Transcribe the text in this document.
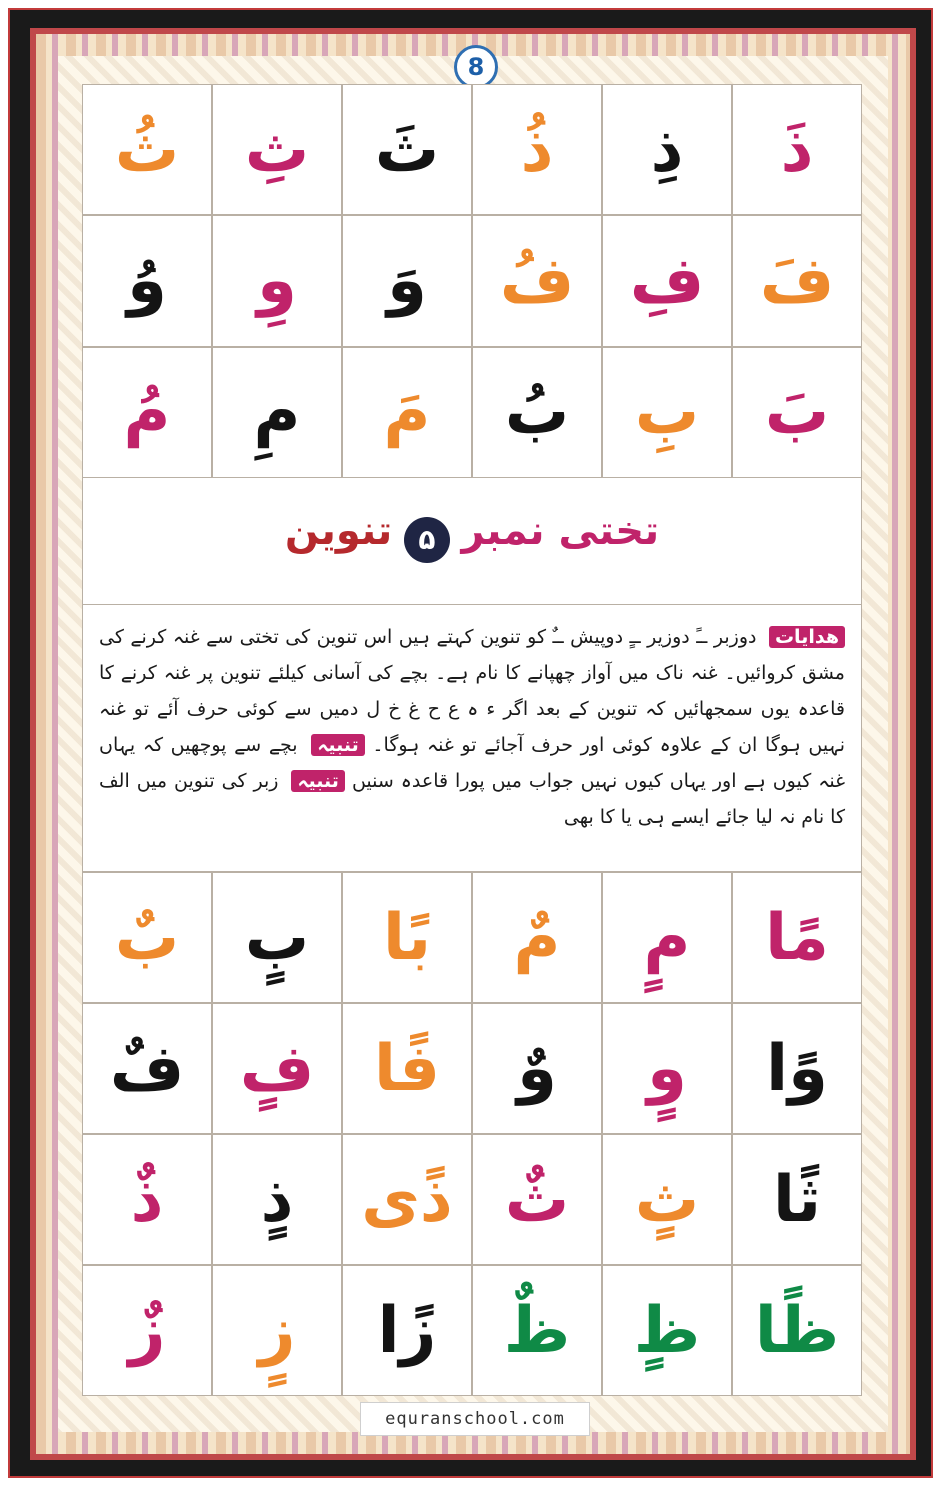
8
ذَ
ذِ
ذُ
ثَ
ثِ
ثُ
فَ
فِ
فُ
وَ
وِ
وُ
بَ
بِ
بُ
مَ
مِ
مُ
تختی نمبر ۵ تنوین

ھدایات دوزبر ــً دوزیر ــٍ دوپیش ــٌ کو تنوین کہتے ہیں اس تنوین کی تختی سے غنہ کرنے کی مشق کروائیں۔ غنہ ناک میں آواز چھپانے کا نام ہے۔ بچے کی آسانی کیلئے تنوین پر غنہ کرنے کا قاعدہ یوں سمجھائیں کہ تنوین کے بعد اگر ء ہ ع ح غ خ ل دمیں سے کوئی حرف آئے تو غنہ نہیں ہوگا ان کے علاوہ کوئی اور حرف آجائے تو غنہ ہوگا۔ تنبیہ بچے سے پوچھیں کہ یہاں غنہ کیوں ہے اور یہاں کیوں نہیں جواب میں پورا قاعدہ سنیں تنبیہ زبر کی تنوین میں الف کا نام نہ لیا جائے ایسے ہی یا کا بھی

مًا
مٍ
مٌ
بًا
بٍ
بٌ
وًا
وٍ
وٌ
فًا
فٍ
فٌ
ثًا
ثٍ
ثٌ
ذًى
ذٍ
ذٌ
ظًا
ظٍ
ظٌ
زًا
زٍ
زٌ
equranschool.com
